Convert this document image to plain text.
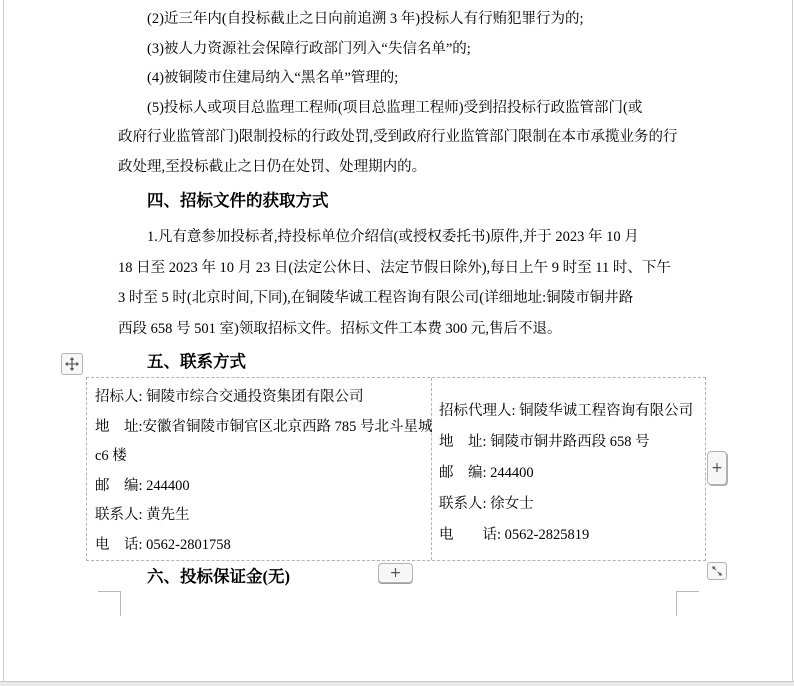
(2)近三年内(自投标截止之日向前追溯 3 年)投标人有行贿犯罪行为的;
(3)被人力资源社会保障行政部门列入“失信名单”的;
(4)被铜陵市住建局纳入“黑名单”管理的;
(5)投标人或项目总监理工程师(项目总监理工程师)受到招投标行政监管部门(或
政府行业监管部门)限制投标的行政处罚,受到政府行业监管部门限制在本市承揽业务的行
政处理,至投标截止之日仍在处罚、处理期内的。
四、招标文件的获取方式
1.凡有意参加投标者,持投标单位介绍信(或授权委托书)原件,并于 2023 年 10 月
18 日至 2023 年 10 月 23 日(法定公休日、法定节假日除外),每日上午 9 时至 11 时、下午
3 时至 5 时(北京时间,下同),在铜陵华诚工程咨询有限公司(详细地址:铜陵市铜井路
西段 658 号 501 室)领取招标文件。招标文件工本费 300 元,售后不退。
五、联系方式
招标人: 铜陵市综合交通投资集团有限公司
地　址:安徽省铜陵市铜官区北京西路 785 号北斗星城
c6 楼
邮　编: 244400
联系人: 黄先生
电　话: 0562-2801758
招标代理人: 铜陵华诚工程咨询有限公司
地　址: 铜陵市铜井路西段 658 号
邮　编: 244400
联系人: 徐女士
电　　话: 0562-2825819
+
+
六、投标保证金(无)
